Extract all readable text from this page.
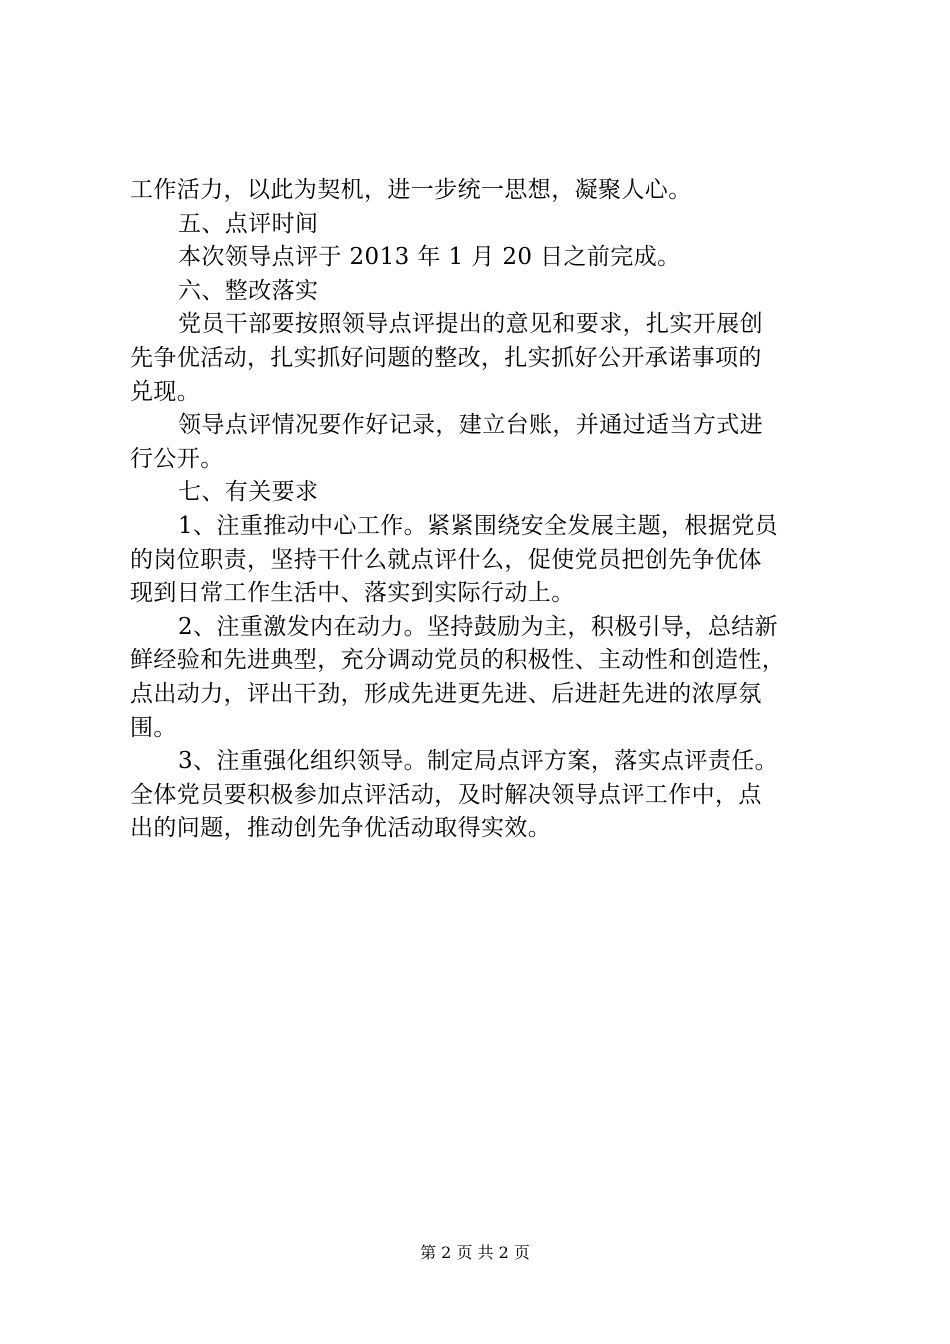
工作活力，以此为契机，进一步统一思想，凝聚人心。
五、点评时间
本次领导点评于 2013 年 1 月 20 日之前完成。
六、整改落实
党员干部要按照领导点评提出的意见和要求，扎实开展创
先争优活动，扎实抓好问题的整改，扎实抓好公开承诺事项的
兑现。
领导点评情况要作好记录，建立台账，并通过适当方式进
行公开。
七、有关要求
1、注重推动中心工作。紧紧围绕安全发展主题，根据党员
的岗位职责，坚持干什么就点评什么，促使党员把创先争优体
现到日常工作生活中、落实到实际行动上。
2、注重激发内在动力。坚持鼓励为主，积极引导，总结新
鲜经验和先进典型，充分调动党员的积极性、主动性和创造性，
点出动力，评出干劲，形成先进更先进、后进赶先进的浓厚氛
围。
3、注重强化组织领导。制定局点评方案，落实点评责任。
全体党员要积极参加点评活动，及时解决领导点评工作中，点
出的问题，推动创先争优活动取得实效。
第 2 页 共 2 页
